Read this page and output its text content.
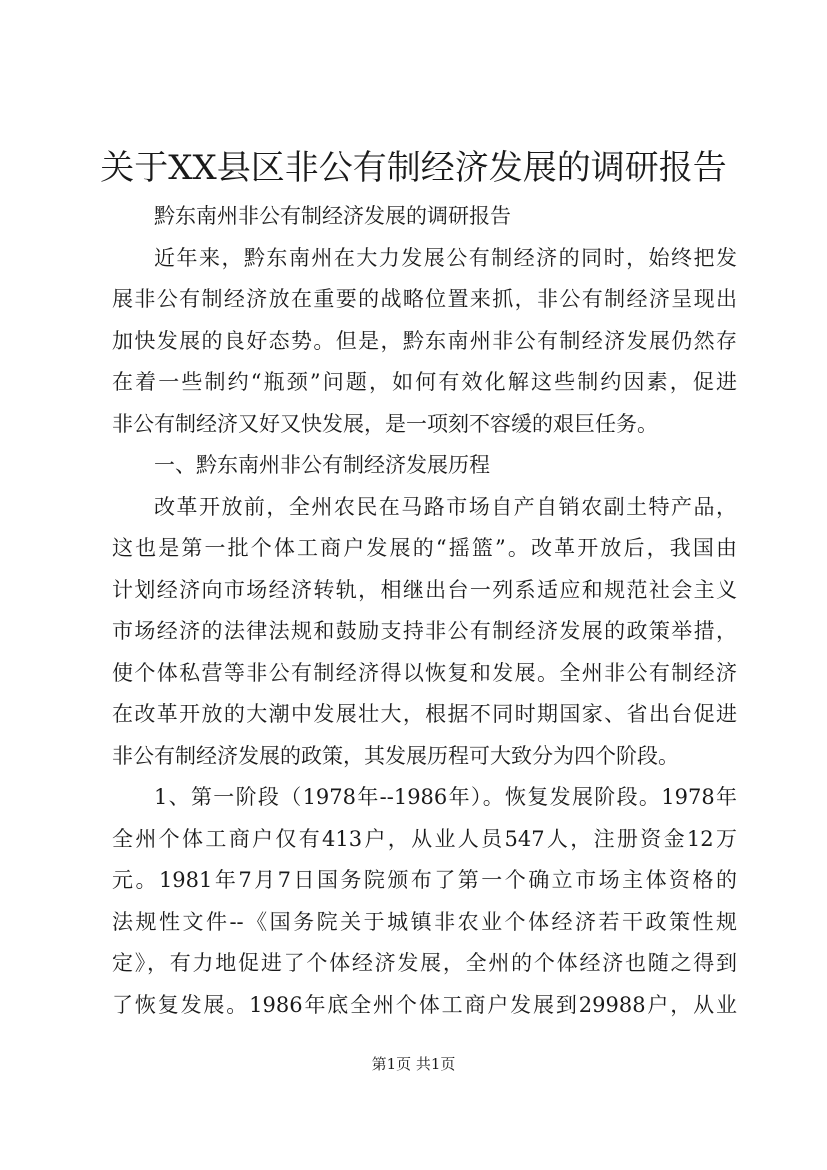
关于XX县区非公有制经济发展的调研报告
黔东南州非公有制经济发展的调研报告
近年来，黔东南州在大力发展公有制经济的同时，始终把发
展非公有制经济放在重要的战略位置来抓，非公有制经济呈现出
加快发展的良好态势。但是，黔东南州非公有制经济发展仍然存
在着一些制约“瓶颈”问题，如何有效化解这些制约因素，促进
非公有制经济又好又快发展，是一项刻不容缓的艰巨任务。
一、黔东南州非公有制经济发展历程
改革开放前，全州农民在马路市场自产自销农副土特产品，
这也是第一批个体工商户发展的“摇篮”。改革开放后，我国由
计划经济向市场经济转轨，相继出台一列系适应和规范社会主义
市场经济的法律法规和鼓励支持非公有制经济发展的政策举措，
使个体私营等非公有制经济得以恢复和发展。全州非公有制经济
在改革开放的大潮中发展壮大，根据不同时期国家、省出台促进
非公有制经济发展的政策，其发展历程可大致分为四个阶段。
1、第一阶段（1978年--1986年）。恢复发展阶段。1978年
全州个体工商户仅有413户，从业人员547人，注册资金12万
元。1981年7月7日国务院颁布了第一个确立市场主体资格的
法规性文件--《国务院关于城镇非农业个体经济若干政策性规
定》，有力地促进了个体经济发展，全州的个体经济也随之得到
了恢复发展。1986年底全州个体工商户发展到29988户，从业
第1页 共1页
